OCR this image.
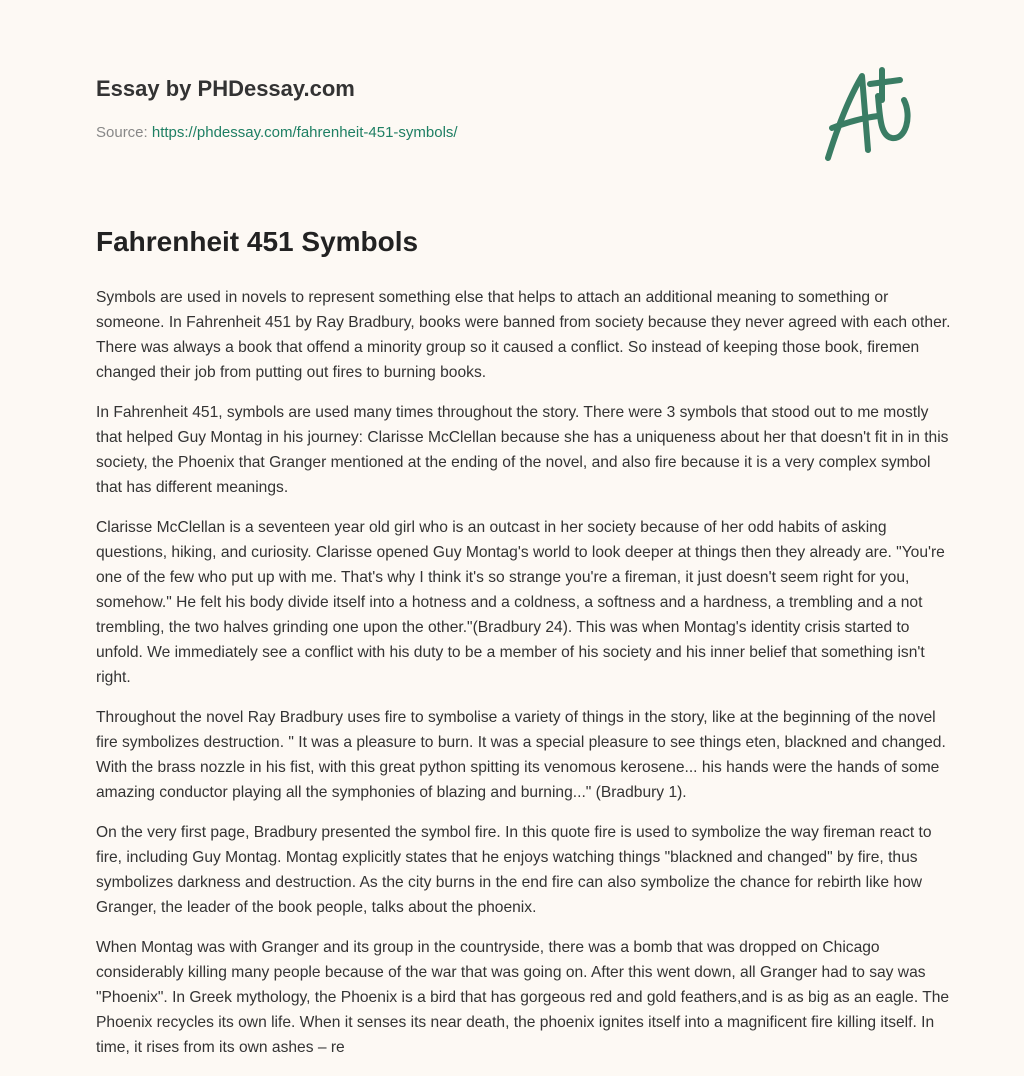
Essay by PHDessay.com
Source: https://phdessay.com/fahrenheit-451-symbols/
Fahrenheit 451 Symbols

Symbols are used in novels to represent something else that helps to attach an additional meaning to something or someone. In Fahrenheit 451 by Ray Bradbury, books were banned from society because they never agreed with each other. There was always a book that offend a minority group so it caused a conflict. So instead of keeping those book, firemen changed their job from putting out fires to burning books.

In Fahrenheit 451, symbols are used many times throughout the story. There were 3 symbols that stood out to me mostly that helped Guy Montag in his journey: Clarisse McClellan because she has a uniqueness about her that doesn't fit in in this society, the Phoenix that Granger mentioned at the ending of the novel, and also fire because it is a very complex symbol that has different meanings.

Clarisse McClellan is a seventeen year old girl who is an outcast in her society because of her odd habits of asking questions, hiking, and curiosity. Clarisse opened Guy Montag's world to look deeper at things then they already are. "You're one of the few who put up with me. That's why I think it's so strange you're a fireman, it just doesn't seem right for you, somehow." He felt his body divide itself into a hotness and a coldness, a softness and a hardness, a trembling and a not trembling, the two halves grinding one upon the other."(Bradbury 24). This was when Montag's identity crisis started to unfold. We immediately see a conflict with his duty to be a member of his society and his inner belief that something isn't right.

Throughout the novel Ray Bradbury uses fire to symbolise a variety of things in the story, like at the beginning of the novel fire symbolizes destruction. " It was a pleasure to burn. It was a special pleasure to see things eten, blackned and changed. With the brass nozzle in his fist, with this great python spitting its venomous kerosene... his hands were the hands of some amazing conductor playing all the symphonies of blazing and burning..." (Bradbury 1).

On the very first page, Bradbury presented the symbol fire. In this quote fire is used to symbolize the way fireman react to fire, including Guy Montag. Montag explicitly states that he enjoys watching things "blackned and changed" by fire, thus symbolizes darkness and destruction. As the city burns in the end fire can also symbolize the chance for rebirth like how Granger, the leader of the book people, talks about the phoenix.

When Montag was with Granger and its group in the countryside, there was a bomb that was dropped on Chicago considerably killing many people because of the war that was going on. After this went down, all Granger had to say was "Phoenix". In Greek mythology, the Phoenix is a bird that has gorgeous red and gold feathers,and is as big as an eagle. The Phoenix recycles its own life. When it senses its near death, the phoenix ignites itself into a magnificent fire killing itself. In time, it rises from its own ashes – re
